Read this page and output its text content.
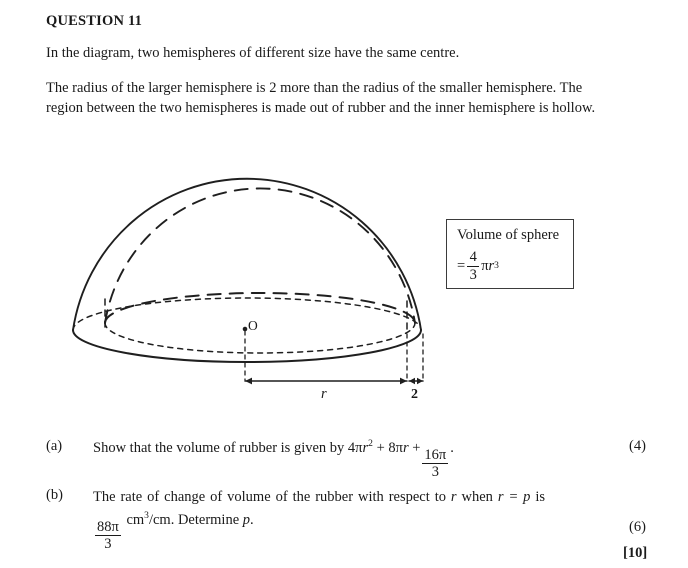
QUESTION 11
In the diagram, two hemispheres of different size have the same centre.
The radius of the larger hemisphere is 2 more than the radius of the smaller hemisphere. The region between the two hemispheres is made out of rubber and the inner hemisphere is hollow.
O
r	2
Volume of sphere
= $\frac{4}{3}$ π r 3
(a) Show that the volume of rubber is given by $4\pi r^2 + 8\pi r + \frac{16\pi}{3}$ .	(4)
(b) The rate of change of volume of the rubber with respect to r when r = p is
$\frac{88\pi}{3} cm^3/cm$. Determine p.	(6)
[10]
